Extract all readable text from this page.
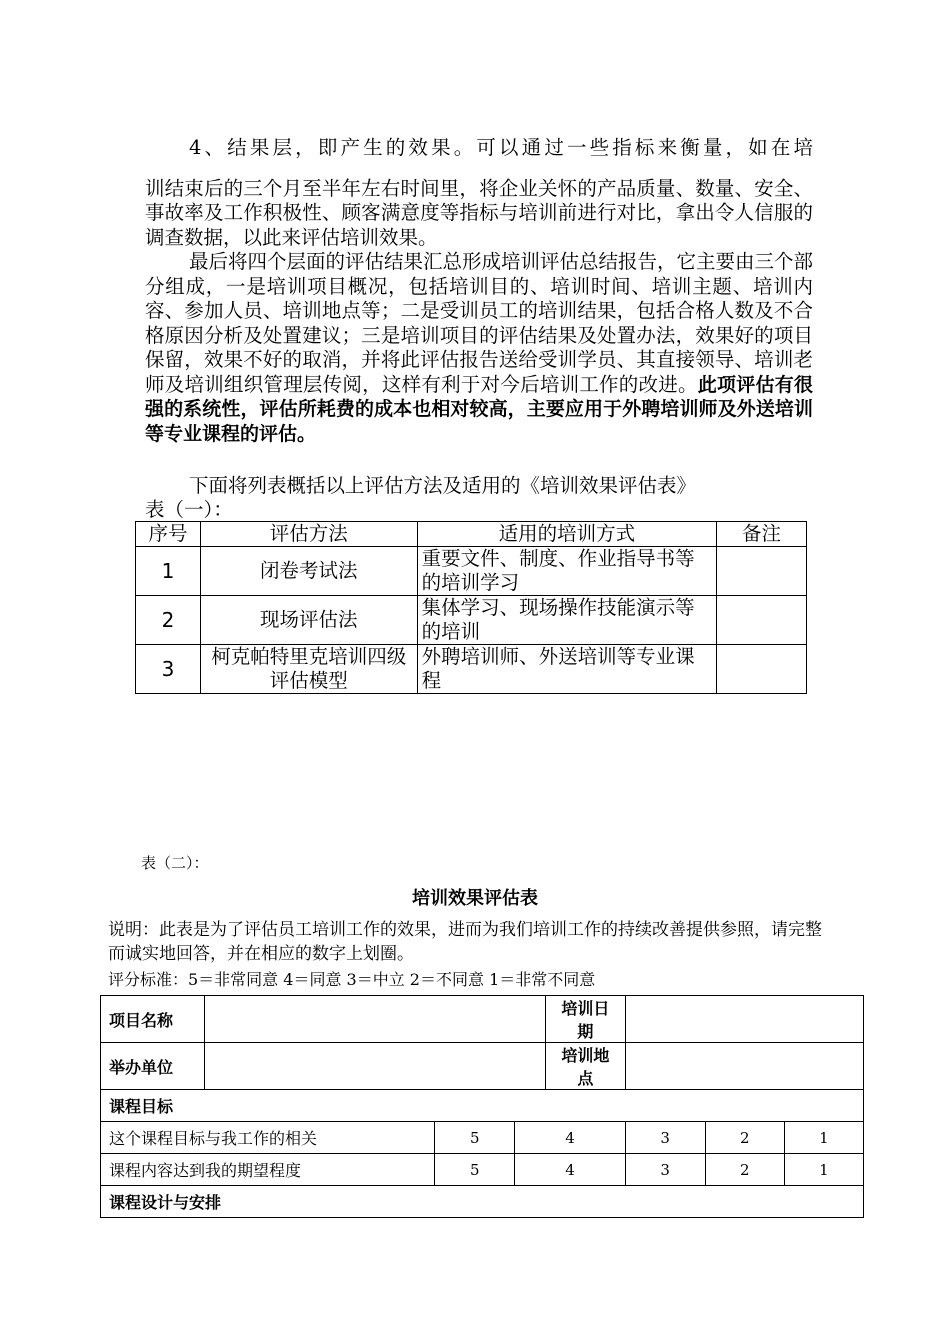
4、结果层，即产生的效果。可以通过一些指标来衡量，如在培
训结束后的三个月至半年左右时间里，将企业关怀的产品质量、数量、安全、事故率及工作积极性、顾客满意度等指标与培训前进行对比，拿出令人信服的调查数据，以此来评估培训效果。

最后将四个层面的评估结果汇总形成培训评估总结报告，它主要由三个部分组成，一是培训项目概况，包括培训目的、培训时间、培训主题、培训内容、参加人员、培训地点等；二是受训员工的培训结果，包括合格人数及不合格原因分析及处置建议；三是培训项目的评估结果及处置办法，效果好的项目保留，效果不好的取消，并将此评估报告送给受训学员、其直接领导、培训老师及培训组织管理层传阅，这样有利于对今后培训工作的改进。此项评估有很强的系统性，评估所耗费的成本也相对较高，主要应用于外聘培训师及外送培训等专业课程的评估。

下面将列表概括以上评估方法及适用的《培训效果评估表》

表（一）：

序号	评估方法	适用的培训方式	备注
1	闭卷考试法	重要文件、制度、作业指导书等的培训学习	
2	现场评估法	集体学习、现场操作技能演示等的培训	
3	柯克帕特里克培训四级评估模型	外聘培训师、外送培训等专业课程	

表（二）：

培训效果评估表

说明：此表是为了评估员工培训工作的效果，进而为我们培训工作的持续改善提供参照，请完整而诚实地回答，并在相应的数字上划圈。

评分标准：5＝非常同意 4＝同意 3＝中立 2＝不同意 1＝非常不同意

项目名称				培训日期			
举办单位				培训地点			
课程目标							
这个课程目标与我工作的相关		5	4		3	2	1
课程内容达到我的期望程度		5	4		3	2	1
课程设计与安排							
